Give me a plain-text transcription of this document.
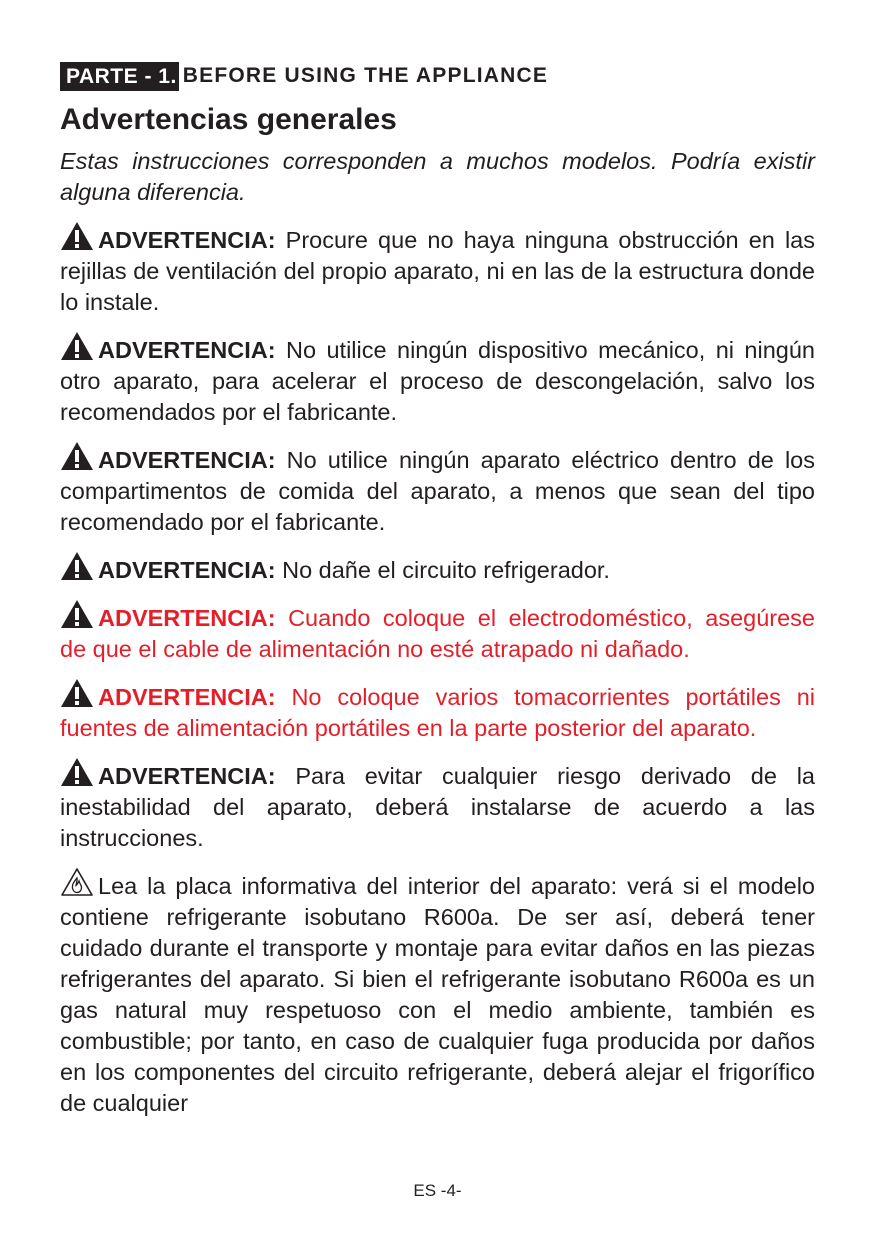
PARTE - 1. BEFORE USING THE APPLIANCE
Advertencias generales

Estas instrucciones corresponden a muchos modelos. Podría existir alguna diferencia.

ADVERTENCIA: Procure que no haya ninguna obstrucción en las rejillas de ventilación del propio aparato, ni en las de la estructura donde lo instale.

ADVERTENCIA: No utilice ningún dispositivo mecánico, ni ningún otro aparato, para acelerar el proceso de descongelación, salvo los recomendados por el fabricante.

ADVERTENCIA: No utilice ningún aparato eléctrico dentro de los compartimentos de comida del aparato, a menos que sean del tipo recomendado por el fabricante.

ADVERTENCIA: No dañe el circuito refrigerador.

ADVERTENCIA: Cuando coloque el electrodoméstico, asegúrese de que el cable de alimentación no esté atrapado ni dañado.

ADVERTENCIA: No coloque varios tomacorrientes portátiles ni fuentes de alimentación portátiles en la parte posterior del aparato.

ADVERTENCIA: Para evitar cualquier riesgo derivado de la inestabilidad del aparato, deberá instalarse de acuerdo a las instrucciones.

Lea la placa informativa del interior del aparato: verá si el modelo contiene refrigerante isobutano R600a. De ser así, deberá tener cuidado durante el transporte y montaje para evitar daños en las piezas refrigerantes del aparato. Si bien el refrigerante isobutano R600a es un gas natural muy respetuoso con el medio ambiente, también es combustible; por tanto, en caso de cualquier fuga producida por daños en los componentes del circuito refrigerante, deberá alejar el frigorífico de cualquier

ES -4-
